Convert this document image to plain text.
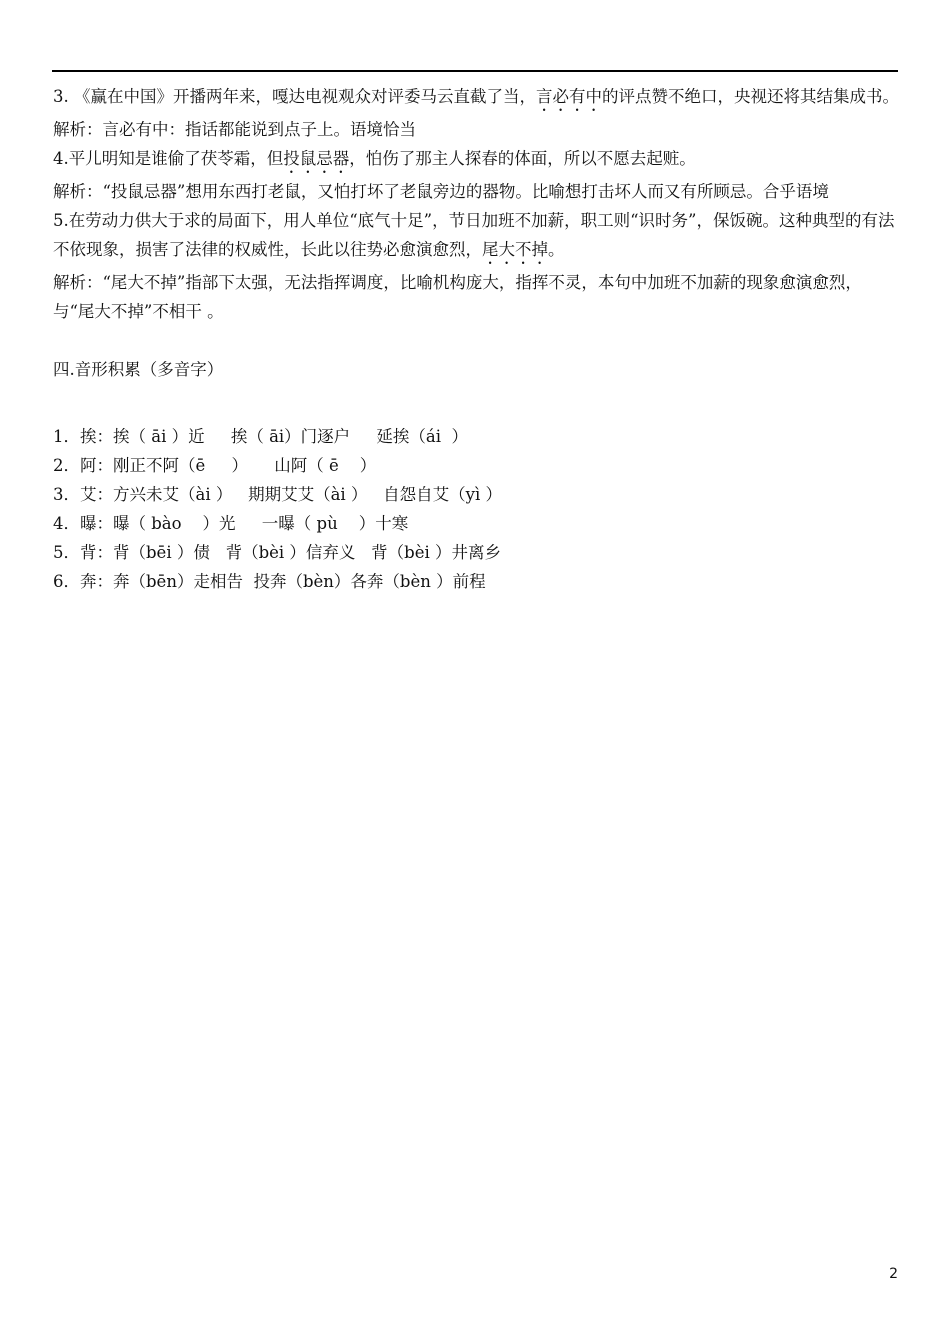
3. 《赢在中国》开播两年来，嘎达电视观众对评委马云直截了当，言必有中的评点赞不绝口，央视还将其结集成书。

解析：言必有中：指话都能说到点子上。语境恰当

4.平儿明知是谁偷了茯苓霜，但投鼠忌器，怕伤了那主人探春的体面，所以不愿去起赃。

解析：“投鼠忌器”想用东西打老鼠，又怕打坏了老鼠旁边的器物。比喻想打击坏人而又有所顾忌。合乎语境

5.在劳动力供大于求的局面下，用人单位“底气十足”，节日加班不加薪，职工则“识时务”，保饭碗。这种典型的有法不依现象，损害了法律的权威性，长此以往势必愈演愈烈，尾大不掉。

解析：“尾大不掉”指部下太强，无法指挥调度，比喻机构庞大，指挥不灵，本句中加班不加薪的现象愈演愈烈，与“尾大不掉”不相干 。

四.音形积累（多音字）

1．挨：挨（ āi ）近     挨（ āi）门逐户     延挨（ái  ）

2．阿：刚正不阿（ē     ）     山阿（ ē    ）

3．艾：方兴未艾（ài ）   期期艾艾（ài ）   自怨自艾（yì ）

4．曝：曝（ bào    ）光     一曝（ pù    ）十寒

5．背：背（bēi ）债   背（bèi ）信弃义   背（bèi ）井离乡

6．奔：奔（bēn）走相告  投奔（bèn）各奔（bèn ）前程

2
